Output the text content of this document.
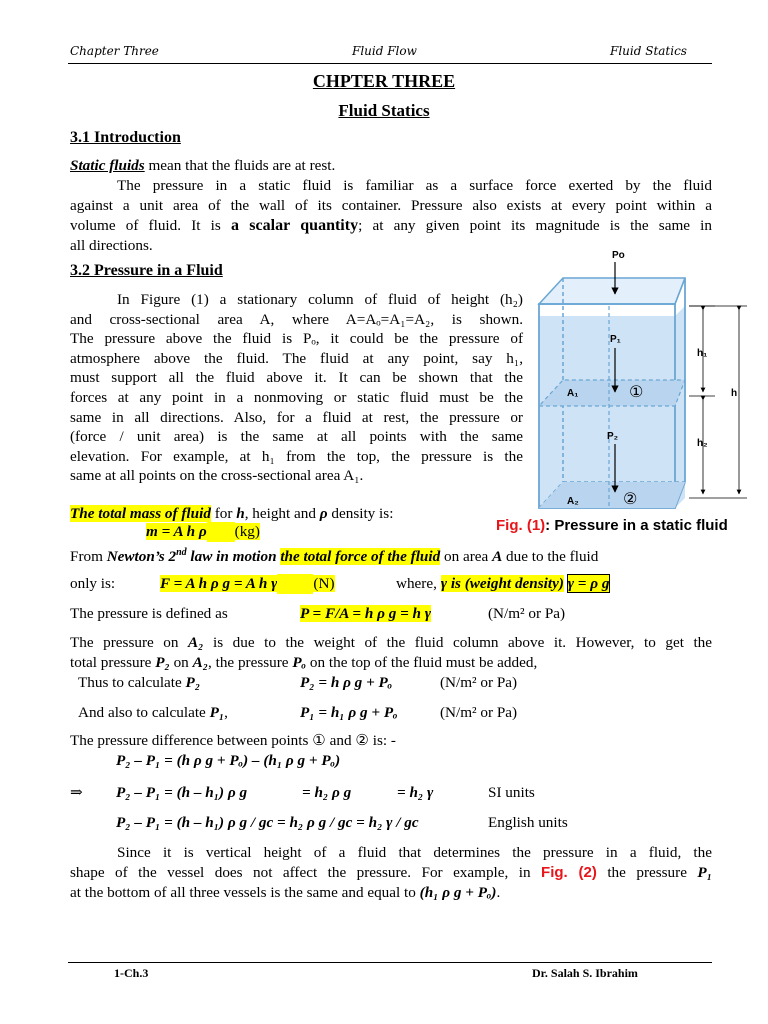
Chapter Three	Fluid Flow	Fluid Statics
CHPTER THREE
Fluid Statics
3.1 Introduction
Static fluids mean that the fluids are at rest.
The pressure in a static fluid is familiar as a surface force exerted by the fluid
against a unit area of the wall of its container. Pressure also exists at every point within a
volume of fluid. It is a scalar quantity; at any given point its magnitude is the same in
all directions.
3.2 Pressure in a Fluid
In Figure (1) a stationary column of fluid of height (h₂)
and cross-sectional area A, where A=Aₒ=A₁=A₂, is shown.
The pressure above the fluid is Pₒ, it could be the pressure of
atmosphere above the fluid. The fluid at any point, say h₁,
must support all the fluid above it. It can be shown that the
forces at any point in a nonmoving or static fluid must be the
same in all directions. Also, for a fluid at rest, the pressure or
(force / unit area) is the same at all points with the same
elevation. For example, at h₁ from the top, the pressure is the
same at all points on the cross-sectional area A₁.
Po
P₁
P₂
A₁
A₂
①
②
h₁
h₂
h
Fig. (1): Pressure in a static fluid
The total mass of fluid for h, height and ρ density is:
m = A h ρ (kg)
From Newton’s 2nd law in motion the total force of the fluid on area A due to the fluid
only is:	F = A h ρ g = A h γ (N)	where, γ is (weight density) γ = ρ g
The pressure is defined as	P = F/A = h ρ g = h γ	(N/m² or Pa)
The pressure on A₂ is due to the weight of the fluid column above it. However, to get the
total pressure P₂ on A₂, the pressure Pₒ on the top of the fluid must be added,
Thus to calculate P₂	P₂ = h ρ g + Pₒ	(N/m² or Pa)
And also to calculate P₁,	P₁ = h₁ ρ g + Pₒ	(N/m² or Pa)
The pressure difference between points ① and ② is: -
P₂ – P₁ = (h ρ g + Pₒ) – (h₁ ρ g + Pₒ)
⇒ P₂ – P₁ = (h – h₁) ρ g	= h₂ ρ g	= h₂ γ	SI units
P₂ – P₁ = (h – h₁) ρ g / gc = h₂ ρ g / gc = h₂ γ / gc	English units
Since it is vertical height of a fluid that determines the pressure in a fluid, the
shape of the vessel does not affect the pressure. For example, in Fig. (2) the pressure P₁
at the bottom of all three vessels is the same and equal to (h₁ ρ g + Pₒ).
1-Ch.3	Dr. Salah S. Ibrahim
